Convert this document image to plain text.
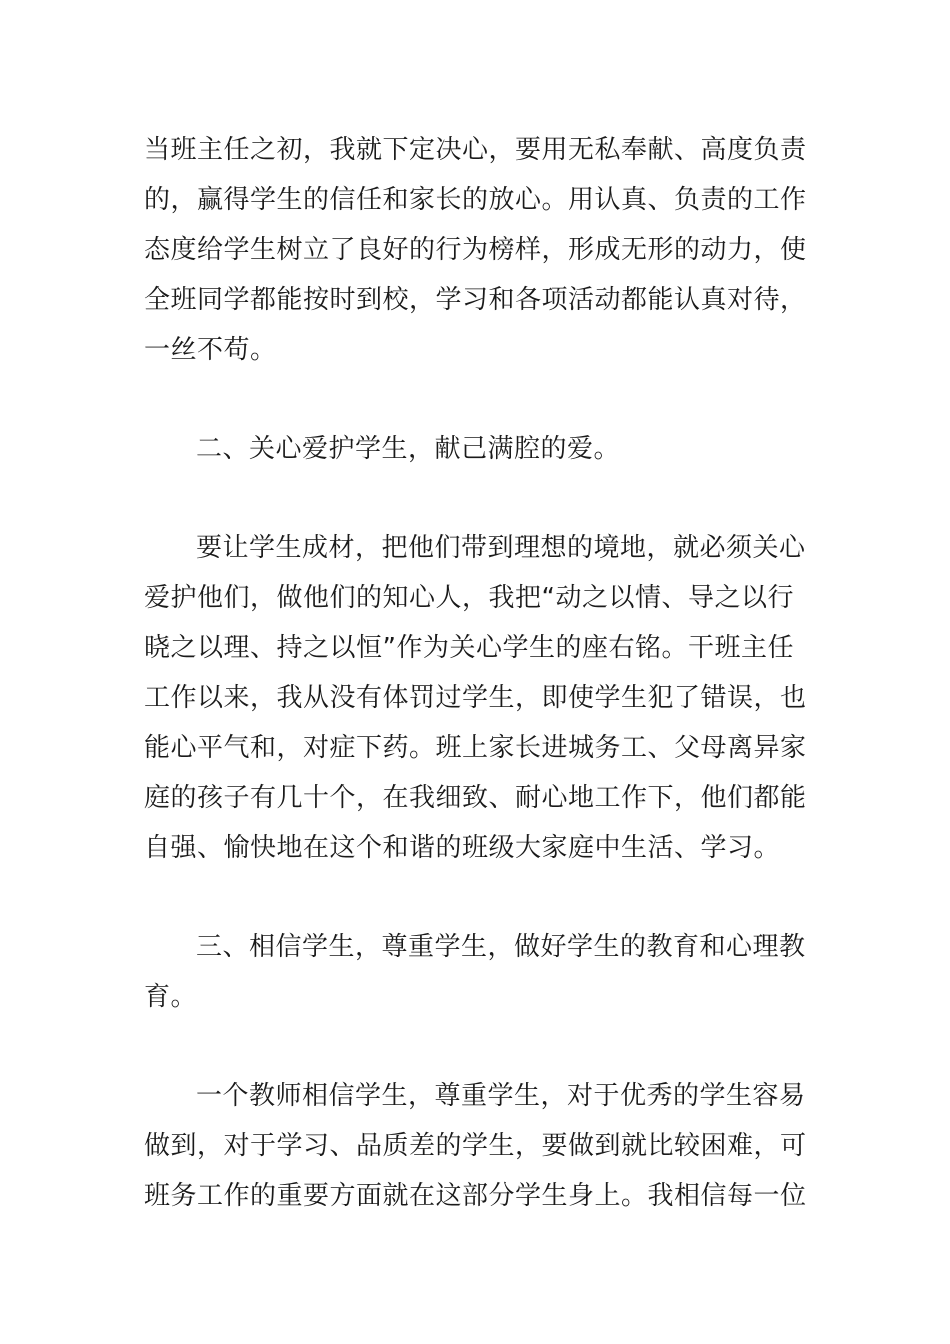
当班主任之初，我就下定决心，要用无私奉献、高度负责
的，赢得学生的信任和家长的放心。用认真、负责的工作
态度给学生树立了良好的行为榜样，形成无形的动力，使
全班同学都能按时到校，学习和各项活动都能认真对待，
一丝不苟。
二、关心爱护学生，献己满腔的爱。
要让学生成材，把他们带到理想的境地，就必须关心
爱护他们，做他们的知心人，我把“动之以情、导之以行
晓之以理、持之以恒”作为关心学生的座右铭。干班主任
工作以来，我从没有体罚过学生，即使学生犯了错误，也
能心平气和，对症下药。班上家长进城务工、父母离异家
庭的孩子有几十个，在我细致、耐心地工作下，他们都能
自强、愉快地在这个和谐的班级大家庭中生活、学习。
三、相信学生，尊重学生，做好学生的教育和心理教
育。
一个教师相信学生，尊重学生，对于优秀的学生容易
做到，对于学习、品质差的学生，要做到就比较困难，可
班务工作的重要方面就在这部分学生身上。我相信每一位
